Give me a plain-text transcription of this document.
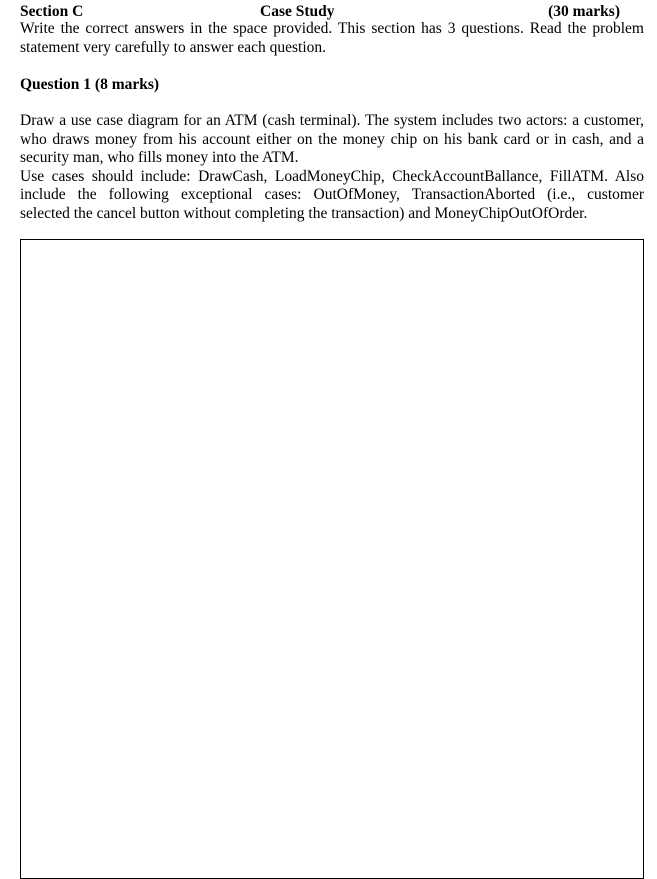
Section C	Case Study	(30 marks)
Write the correct answers in the space provided. This section has 3 questions. Read the problem
statement very carefully to answer each question.
Question 1 (8 marks)
Draw a use case diagram for an ATM (cash terminal). The system includes two actors: a customer,
who draws money from his account either on the money chip on his bank card or in cash, and a
security man, who fills money into the ATM.
Use cases should include: DrawCash, LoadMoneyChip, CheckAccountBallance, FillATM. Also
include the following exceptional cases: OutOfMoney, TransactionAborted (i.e., customer
selected the cancel button without completing the transaction) and MoneyChipOutOfOrder.
